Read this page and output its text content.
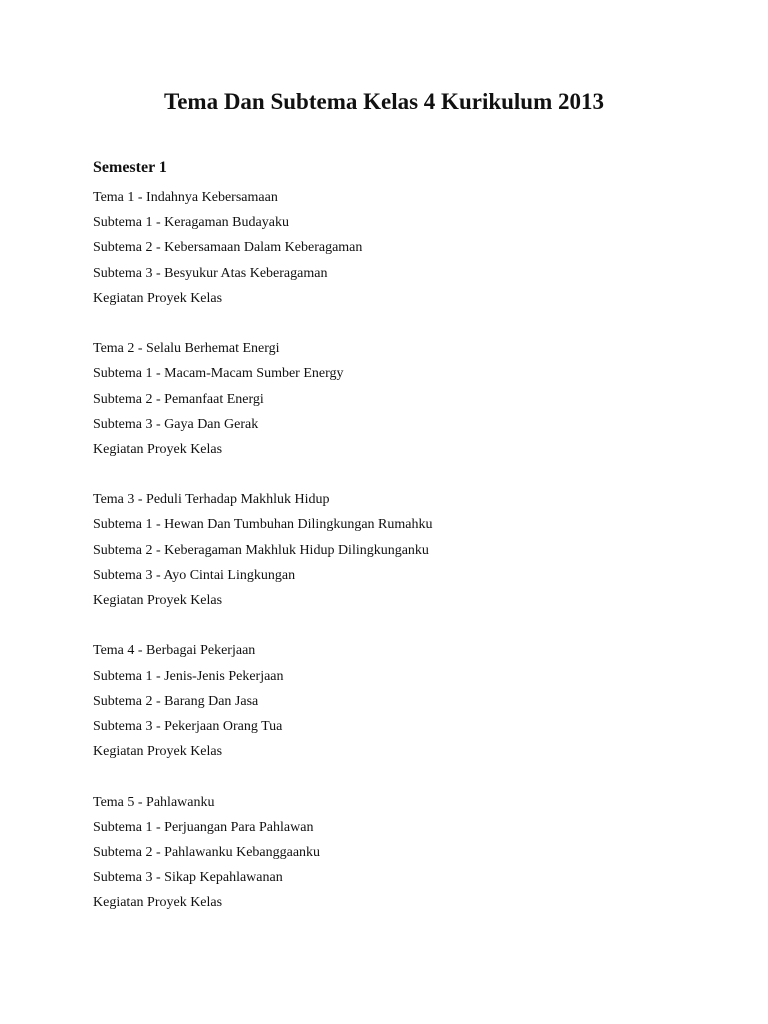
Tema Dan Subtema Kelas 4 Kurikulum 2013
Semester 1
Tema 1 - Indahnya Kebersamaan
Subtema 1 - Keragaman Budayaku
Subtema 2 - Kebersamaan Dalam Keberagaman
Subtema 3 - Besyukur Atas Keberagaman
Kegiatan Proyek Kelas
Tema 2 - Selalu Berhemat Energi
Subtema 1 - Macam-Macam Sumber Energy
Subtema 2 - Pemanfaat Energi
Subtema 3 - Gaya Dan Gerak
Kegiatan Proyek Kelas
Tema 3 - Peduli Terhadap Makhluk Hidup
Subtema 1 - Hewan Dan Tumbuhan Dilingkungan Rumahku
Subtema 2 - Keberagaman Makhluk Hidup Dilingkunganku
Subtema 3 - Ayo Cintai Lingkungan
Kegiatan Proyek Kelas
Tema 4 - Berbagai Pekerjaan
Subtema 1 - Jenis-Jenis Pekerjaan
Subtema 2 - Barang Dan Jasa
Subtema 3 - Pekerjaan Orang Tua
Kegiatan Proyek Kelas
Tema 5 - Pahlawanku
Subtema 1 - Perjuangan Para Pahlawan
Subtema 2 - Pahlawanku Kebanggaanku
Subtema 3 - Sikap Kepahlawanan
Kegiatan Proyek Kelas
